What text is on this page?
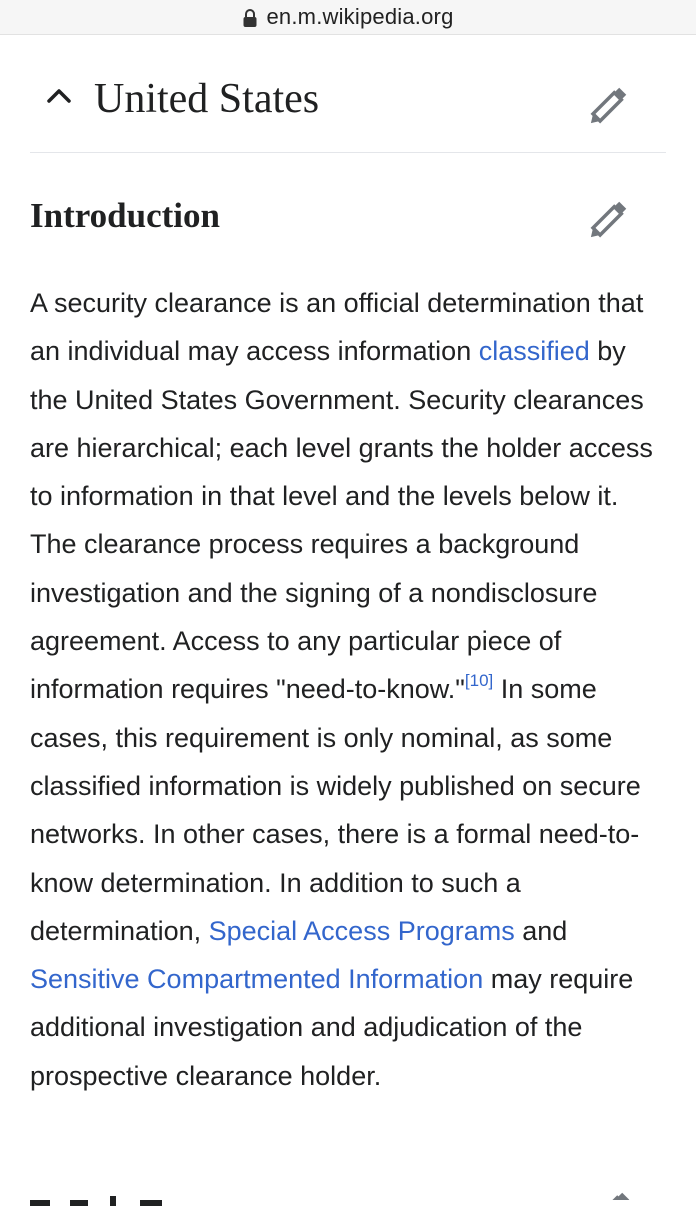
en.m.wikipedia.org
United States
Introduction

A security clearance is an official determination that an individual may access information classified by the United States Government. Security clearances are hierarchical; each level grants the holder access to information in that level and the levels below it. The clearance process requires a background investigation and the signing of a nondisclosure agreement. Access to any particular piece of information requires "need-to-know."[10] In some cases, this requirement is only nominal, as some classified information is widely published on secure networks. In other cases, there is a formal need-to-know determination. In addition to such a determination, Special Access Programs and Sensitive Compartmented Information may require additional investigation and adjudication of the prospective clearance holder.
